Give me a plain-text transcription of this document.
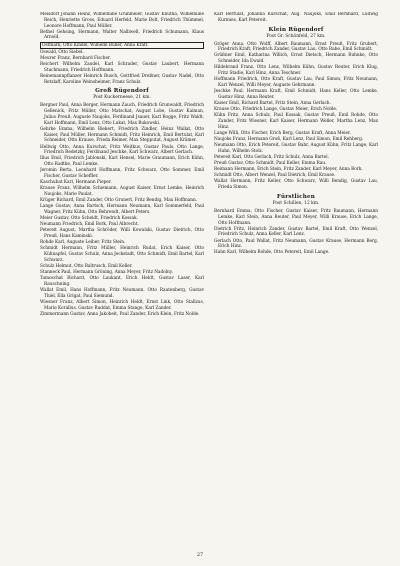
Meisdorf Johann Heinz, Wilhelmine Grünmeier, Gustav Knutha, Wilhelmine Reich, Henriette Gross, Eduard Herfeld, Marie Bolt, Friedrich Thümmel, Leonore Hoffmann, Paul Müller.

Bethel Gehsing, Hermann, Walter Nalliwell, Friedrich Schumann, Klaus Arnold.

Ostmark, Otto Kindel, Wilhelm Buller, Anna Kraft.

Oswald, Otto Siebel.

Meurer Franz, Bernhard Fischer.

Reichert Wilhelm Zaudel, Karl Schrader, Gustav Laubert, Hermann Stachmann, Friedrich Hoffmann.

Reinemannpflanzer Heinrich Busch, Gottfried Dreßner, Gustav Nadel, Otto Retzlaff, Karoline Weinsheimer, Franz Schulz.

Groß Rügendorf
Post Kuckerneese, 21 km.

Bergner Paul, Anna Berger, Hermann Zauch, Friedrich Grunwaldt, Friedrich Gellenick, Fritz Müller, Otto Matschat, August Lobe, Gustav Kaiman, Julius Preuß, Auguste Naujoks, Ferdinand Jsauer, Karl Rogge, Fritz Waldt, Karl Hoffmann, Emil Lenz, Otto Lukat, Max Bukowski.

Gehrke Emma, Wilhelm Riekert, Friedrich Zindler, Heinz Wallat, Otto Kaiser, Paul Müller, Hermann Schmidt, Fritz Heinrich, Emil Bertulat, Karl Schneider, Otto Krause, Frieda Reimer, Max Stepputat, August Krämer.

Hellwig Otto, Anna Kurschat, Fritz Weitkus, Gustav Pauls, Otto Lange, Friedrich Redetzky, Ferdinand Jeschke, Karl Schwarz, Albert Gerlach.

Ilius Emil, Friedrich Jablonski, Karl Hensel, Marie Graumann, Erich Kühn, Otto Radtke, Paul Lemke.

Jeromin Berta, Leonhard Hoffmann, Fritz Schwarz, Otto Sommer, Emil Fischer, Gustav Scheffler.

Kaschubat Karl, Hermann Pieper.

Krause Franz, Wilhelm Schiemann, August Kaiser, Ernst Lemke, Heinrich Naujoks, Marie Paulat.

Krüger Richard, Emil Zander, Otto Grunert, Fritz Bendig, Max Hoffmann.

Lange Gustav, Anna Bartsch, Hermann Neumann, Karl Sommerfeld, Paul Wagner, Fritz Kühn, Otto Behrendt, Albert Peters.

Meier Gustav, Otto Scheidt, Friedrich Kossak.

Neumann Friedrich, Emil Bork, Paul Albrecht.

Petereit August, Martha Schröder, Willi Kowalski, Gustav Dietrich, Otto Preuß, Hans Kaminski.

Rohde Karl, Auguste Leiber, Fritz Stein.

Schmidt Hermann, Fritz Müller, Heinrich Rudat, Erich Kaiser, Otto Kühnapfel, Gustav Schulz, Anna Jeckstadt, Otto Schmidt, Emil Bartel, Karl Schwarz.

Schulz Helmut, Otto Baltrusch, Emil Keller.

Stanneck Paul, Hermann Gröning, Anna Meyer, Fritz Nadolny.

Tamoschat Richard, Otto Laukant, Erich Heldt, Gustav Laser, Karl Rauschning.

Wallat Emil, Hans Hoffmann, Fritz Neumann, Otto Rautenberg, Gustav Thiel, Ella Grigat, Paul Siemund.

Wiesner Franz, Albert Simon, Heinrich Heldt, Ernst Link, Otto Stallzus, Marie Korallus, Gustav Ruddat, Emma Stange, Karl Zander.

Zimmermann Gustav, Anna Jakobeit, Paul Zander, Erich Klein, Fritz Nolde.

Karl Bertulat, Johanna Kurschat, Aug. Naujoks, Emil Bernhard, Ludwig Kurmies, Karl Petereit.

Klein Rügendorf
Post Gr. Schönfeld, 27 km.

Gröger Anna, Otto Wolff, Albert Baumann, Ernst Preuß, Fritz Grubert, Friedrich Kraft, Friedrich Zander, Gustav Lau, Otto Rabe, Emil Schmidt.

Grüßner Emil, Katharina Willich, Ernst Dietsch, Hermann Ruhnke, Otto Schneider, Ida Ewald.

Hildebrand Franz, Otto Lenz, Wilhelm Kühn, Gustav Reuter, Erich Klug, Fritz Stadie, Karl Hinz, Anna Teschner.

Hoffmann Friedrich, Otto Kraft, Gustav Lau, Paul Simon, Fritz Neumann, Karl Wenzel, Willi Meyer, Auguste Gehrmann.

Jeschke Paul, Hermann Kraft, Emil Schmidt, Hans Keller, Otto Lemke, Gustav Hinz, Anna Reuter.

Kaiser Emil, Richard Bartel, Fritz Stein, Anna Gerlach.

Krause Otto, Friedrich Lange, Gustav Meier, Erich Nolde.

Kühn Fritz, Anna Schulz, Paul Kossak, Gustav Preuß, Emil Rohde, Otto Zander, Fritz Wiesner, Karl Kaiser, Hermann Weller, Martha Lenz, Max Hinz.

Lange Willi, Otto Fischer, Erich Berg, Gustav Kraft, Anna Meier.

Naujoks Franz, Hermann Groß, Karl Lenz, Paul Simon, Emil Rehberg.

Neumann Otto, Erich Petereit, Gustav Bahr, August Kühn, Fritz Lange, Karl Hahn, Wilhelm Stolz.

Petereit Karl, Otto Gerlach, Fritz Schulz, Anna Bartel.

Preuß Gustav, Otto Schmidt, Paul Keller, Emma Rau.

Reimann Hermann, Erich Stein, Fritz Zander, Karl Meyer, Anna Bork.

Schmidt Otto, Albert Wenzel, Paul Dietrich, Emil Krause.

Wallat Hermann, Fritz Keller, Otto Schwarz, Willi Bendig, Gustav Lau, Frieda Simon.

Fürstlichen
Post Schillen, 12 km.

Bernhard Emma, Otto Fischer, Gustav Kaiser, Fritz Baumann, Hermann Lemke, Karl Stein, Anna Reuter, Paul Meyer, Willi Krause, Erich Lange, Otto Hoffmann.

Dietrich Fritz, Heinrich Zander, Gustav Bartel, Emil Kraft, Otto Wenzel, Friedrich Schulz, Anna Keller, Karl Lenz.

Gerlach Otto, Paul Wallat, Fritz Neumann, Gustav Krause, Hermann Berg, Erich Hinz.

Hahn Karl, Wilhelm Rohde, Otto Petereit, Emil Lange.

27
